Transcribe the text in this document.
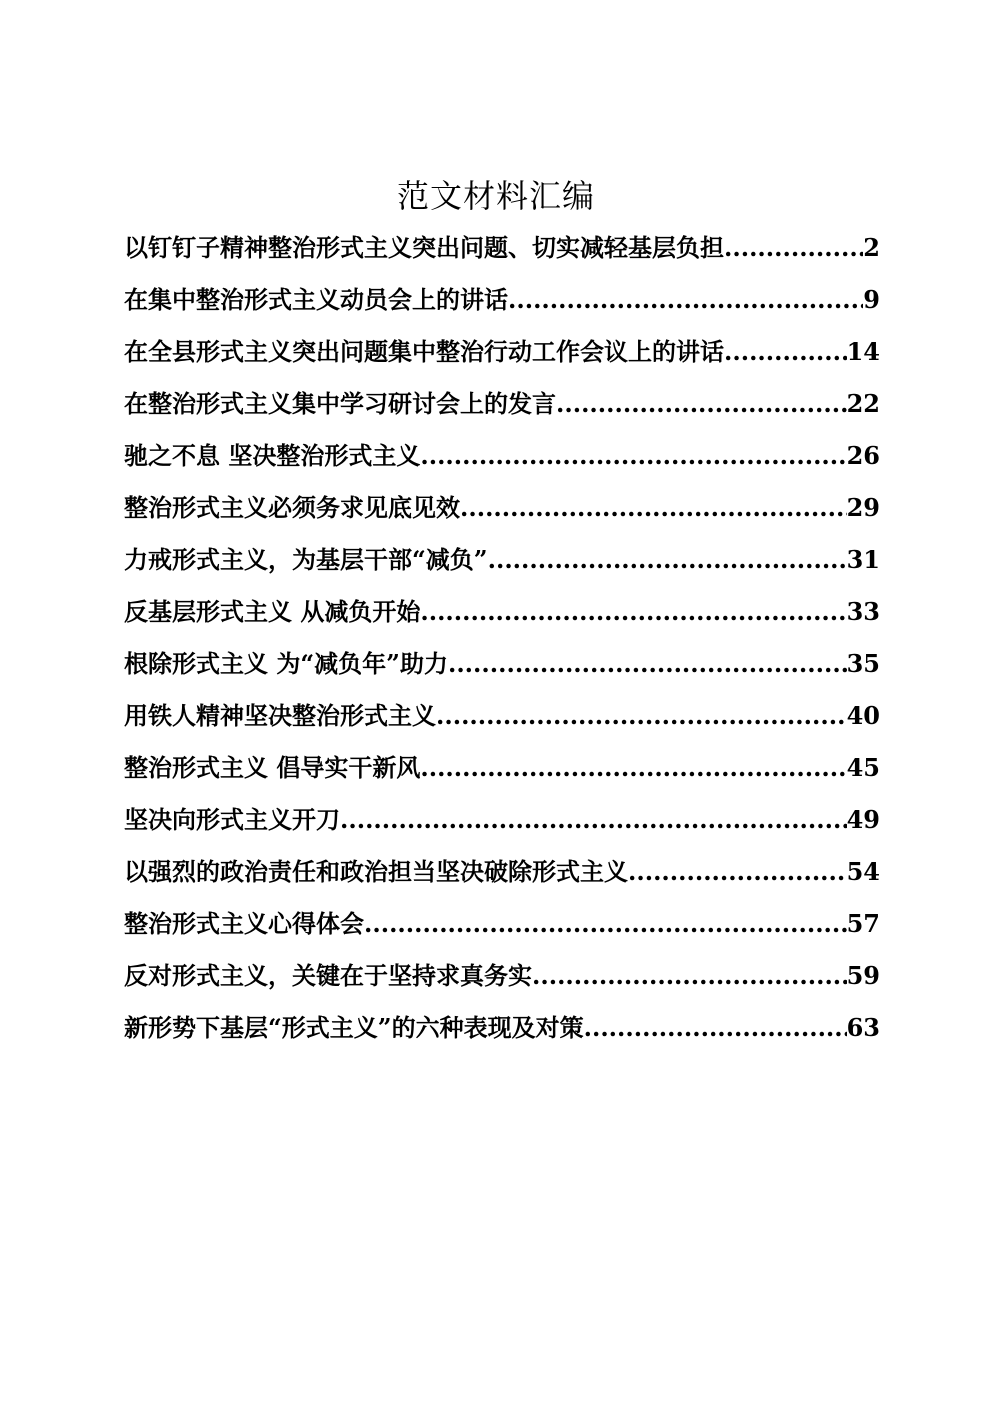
范文材料汇编
以钉钉子精神整治形式主义突出问题、切实减轻基层负担 .....	2
在集中整治形式主义动员会上的讲话 .....	9
在全县形式主义突出问题集中整治行动工作会议上的讲话 .....	14
在整治形式主义集中学习研讨会上的发言 .....	22
驰之不息 坚决整治形式主义 .....	26
整治形式主义必须务求见底见效 .....	29
力戒形式主义，为基层干部“减负” .....	31
反基层形式主义 从减负开始 .....	33
根除形式主义 为“减负年”助力 .....	35
用铁人精神坚决整治形式主义 .....	40
整治形式主义 倡导实干新风 .....	45
坚决向形式主义开刀 .....	49
以强烈的政治责任和政治担当坚决破除形式主义 .....	54
整治形式主义心得体会 .....	57
反对形式主义，关键在于坚持求真务实 .....	59
新形势下基层“形式主义”的六种表现及对策 .....	63
